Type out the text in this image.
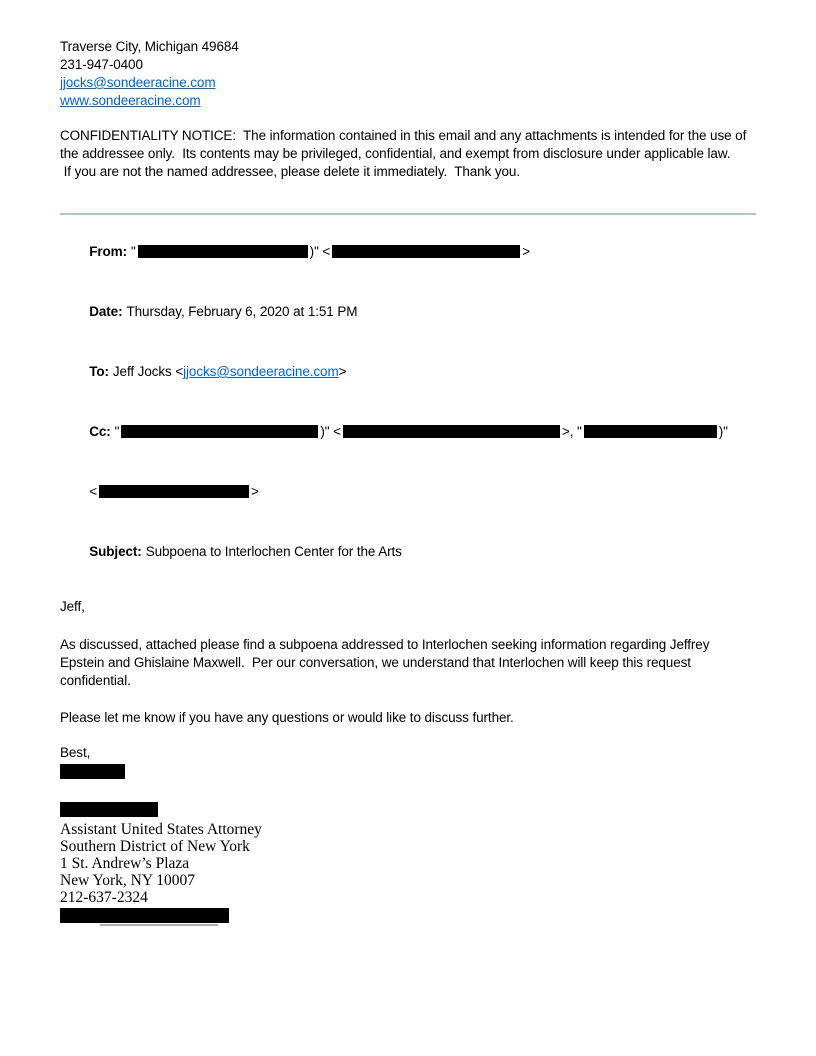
Traverse City, Michigan 49684
231-947-0400
jjocks@sondeeracine.com
www.sondeeracine.com
CONFIDENTIALITY NOTICE:  The information contained in this email and any attachments is intended for the use of
the addressee only.  Its contents may be privileged, confidential, and exempt from disclosure under applicable law.
If you are not the named addressee, please delete it immediately.  Thank you.

From: "	)" <	>

Date: Thursday, February 6, 2020 at 1:51 PM

To: Jeff Jocks <jjocks@sondeeracine.com>

Cc: "	)" <	>, "	)"

<	>

Subject: Subpoena to Interlochen Center for the Arts

Jeff,
As discussed, attached please find a subpoena addressed to Interlochen seeking information regarding Jeffrey
Epstein and Ghislaine Maxwell.  Per our conversation, we understand that Interlochen will keep this request
confidential.
Please let me know if you have any questions or would like to discuss further.
Best,
Assistant United States Attorney
Southern District of New York
1 St. Andrew’s Plaza
New York, NY 10007
212-637-2324
